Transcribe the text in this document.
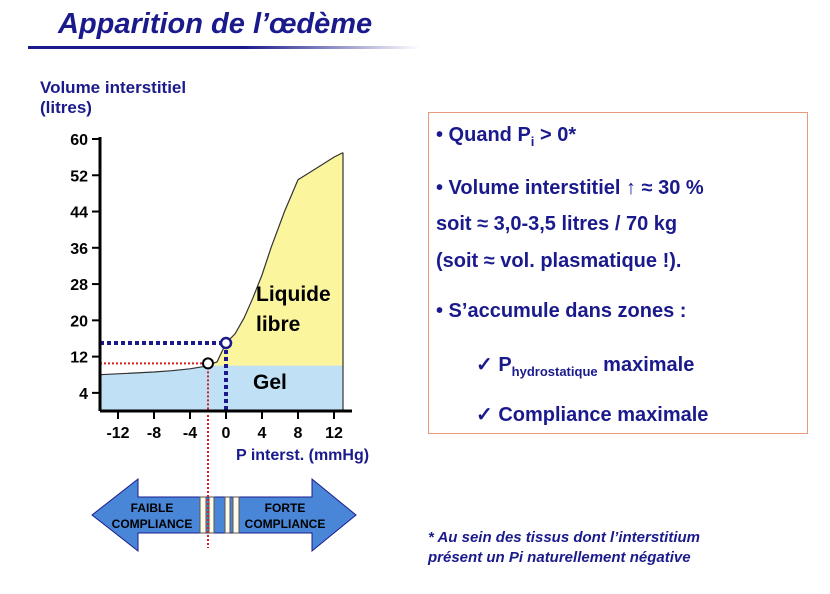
Apparition de l’œdème
Volume interstitiel
(litres)
4
12
20
28
36
44
52
60
-12 -8 -4 0 4 8 12
Liquide
libre
Gel
P interst. (mmHg)
FAIBLE
COMPLIANCE
FORTE
COMPLIANCE
• Quand $P_i > 0*$
• Volume interstitiel ↑ ≈ 30 %
soit ≈ 3,0-3,5 litres / 70 kg
(soit ≈ vol. plasmatique !).
• S’accumule dans zones :
✓ $P_{hydrostatique}$ maximale
✓ Compliance maximale
* Au sein des tissus dont l’interstitium
présent un Pi naturellement négative
